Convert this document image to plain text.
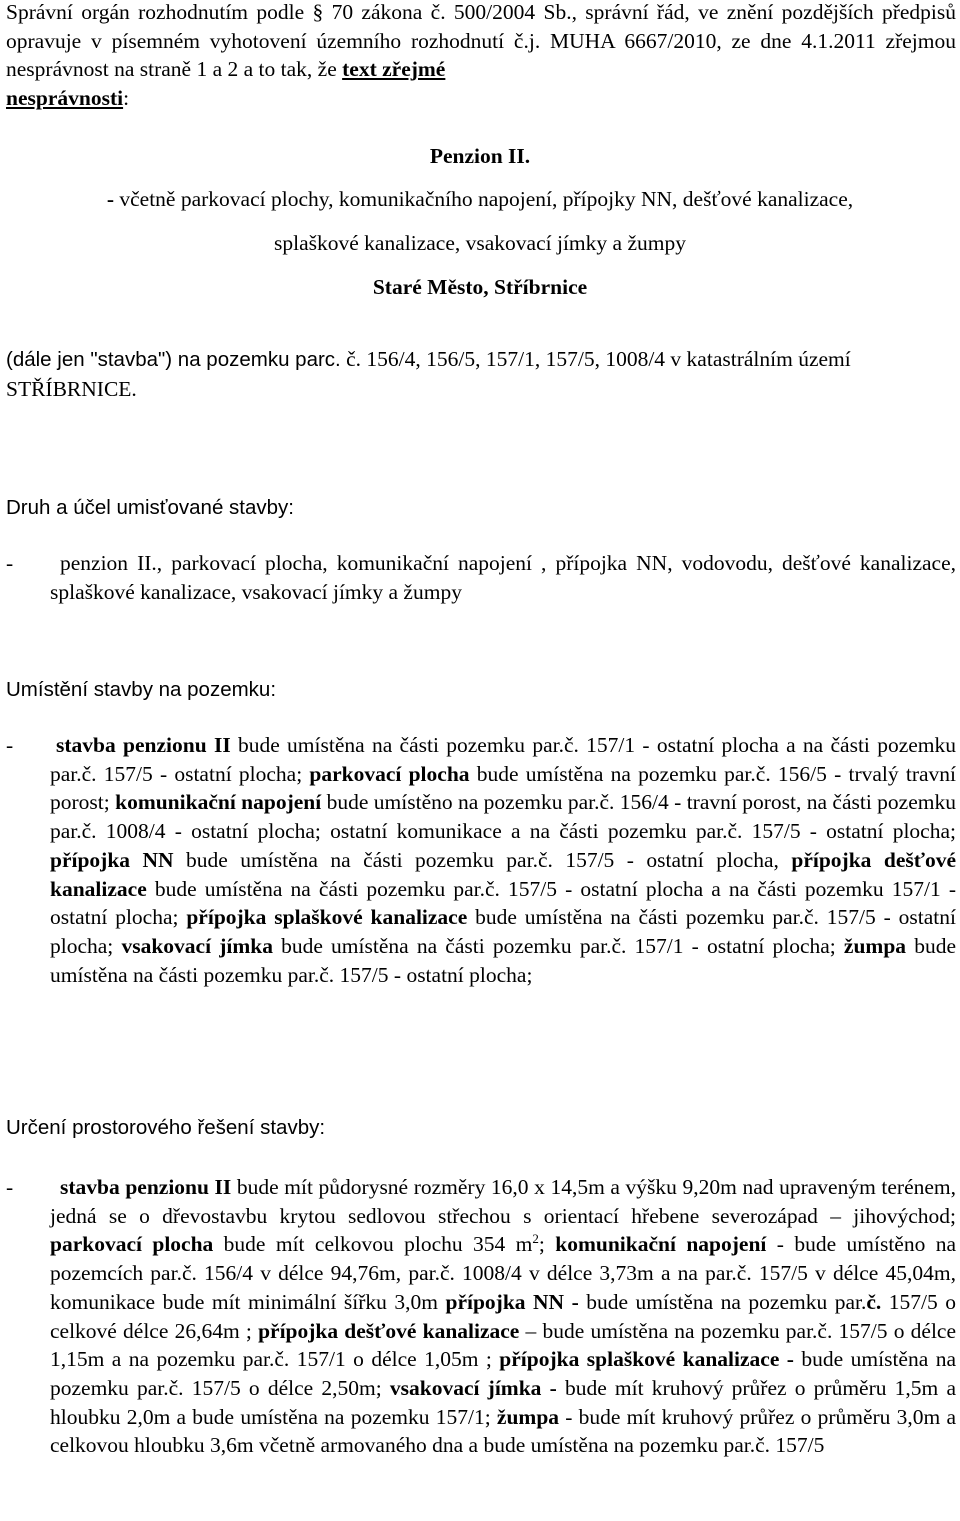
Správní orgán rozhodnutím podle § 70 zákona č. 500/2004 Sb., správní řád, ve znění pozdějších předpisů opravuje v písemném vyhotovení územního rozhodnutí č.j. MUHA 6667/2010, ze dne 4.1.2011 zřejmou nesprávnost na straně 1 a 2 a to tak, že text zřejmé
nesprávnosti:

Penzion II.
- včetně parkovací plochy, komunikačního napojení, přípojky NN, dešťové kanalizace,
splaškové kanalizace, vsakovací jímky a žumpy
Staré Město, Stříbrnice

(dále jen "stavba") na pozemku parc. č. 156/4, 156/5, 157/1, 157/5, 1008/4 v katastrálním území STŘÍBRNICE.

Druh a účel umisťované stavby:
-	penzion II., parkovací plocha, komunikační napojení , přípojka NN, vodovodu, dešťové kanalizace, splaškové kanalizace, vsakovací jímky a žumpy

Umístění stavby na pozemku:
- stavba penzionu II bude umístěna na části pozemku par.č. 157/1 - ostatní plocha a na části pozemku par.č. 157/5 - ostatní plocha; parkovací plocha bude umístěna na pozemku par.č. 156/5 - trvalý travní porost; komunikační napojení bude umístěno na pozemku par.č. 156/4 - travní porost, na části pozemku par.č. 1008/4 - ostatní plocha; ostatní komunikace a na části pozemku par.č. 157/5 - ostatní plocha; přípojka NN bude umístěna na části pozemku par.č. 157/5 - ostatní plocha, přípojka dešťové kanalizace bude umístěna na části pozemku par.č. 157/5 - ostatní plocha a na části pozemku 157/1 - ostatní plocha; přípojka splaškové kanalizace bude umístěna na části pozemku par.č. 157/5 - ostatní plocha; vsakovací jímka bude umístěna na části pozemku par.č. 157/1 - ostatní plocha; žumpa bude umístěna na části pozemku par.č. 157/5 - ostatní plocha;

Určení prostorového řešení stavby:
-	stavba penzionu II bude mít půdorysné rozměry 16,0 x 14,5m a výšku 9,20m nad upraveným terénem, jedná se o dřevostavbu krytou sedlovou střechou s orientací hřebene severozápad – jihovýchod; parkovací plocha bude mít celkovou plochu 354 $m^2$; komunikační napojení - bude umístěno na pozemcích par.č. 156/4 v délce 94,76m, par.č. 1008/4 v délce 3,73m a na par.č. 157/5 v délce 45,04m, komunikace bude mít minimální šířku 3,0m přípojka NN - bude umístěna na pozemku par.č. 157/5 o celkové délce 26,64m ; přípojka dešťové kanalizace – bude umístěna na pozemku par.č. 157/5 o délce 1,15m a na pozemku par.č. 157/1 o délce 1,05m ; přípojka splaškové kanalizace - bude umístěna na pozemku par.č. 157/5 o délce 2,50m; vsakovací jímka - bude mít kruhový průřez o průměru 1,5m a hloubku 2,0m a bude umístěna na pozemku 157/1; žumpa - bude mít kruhový průřez o průměru 3,0m a celkovou hloubku 3,6m včetně armovaného dna a bude umístěna na pozemku par.č. 157/5
